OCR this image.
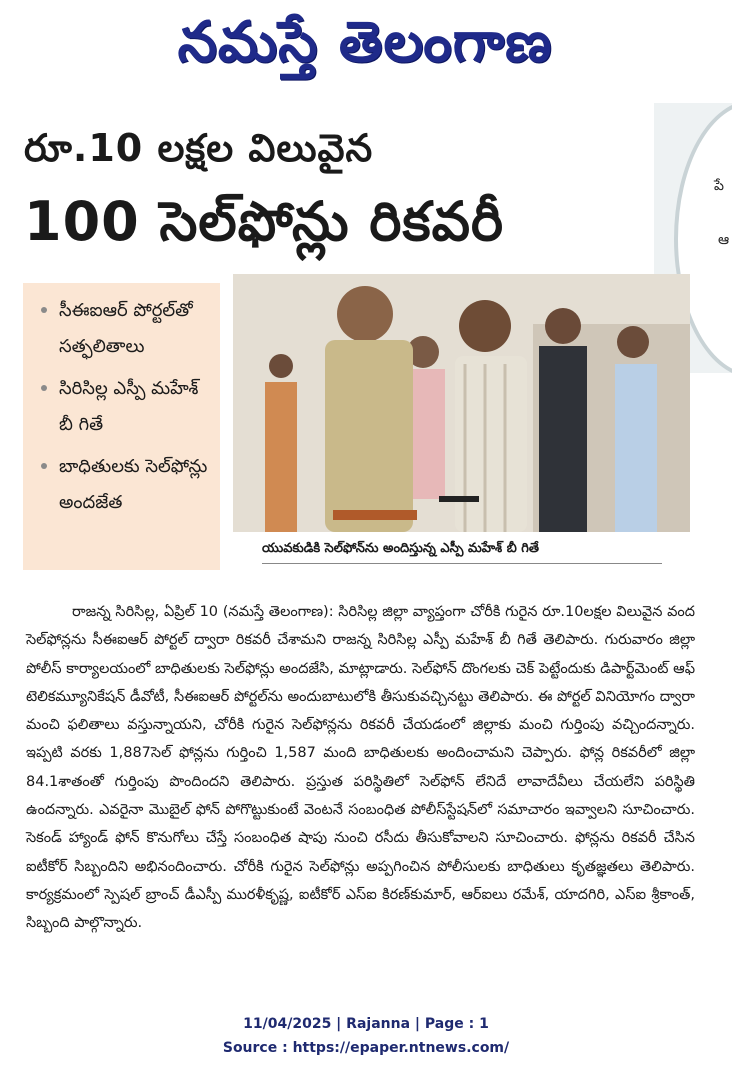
నమస్తే తెలంగాణ
పే
ఆ
రూ.10 లక్షల విలువైన
100 సెల్‌ఫోన్లు రికవరీ
సీఈఐఆర్ పోర్టల్‌తో సత్ఫలితాలు
సిరిసిల్ల ఎస్పీ మహేశ్ బీ గితే
బాధితులకు సెల్‌ఫోన్లు అందజేత
యువకుడికి సెల్‌ఫోన్‌ను అందిస్తున్న ఎస్పీ మహేశ్ బీ గితే

రాజన్న సిరిసిల్ల, ఏప్రిల్ 10 (నమస్తే తెలంగాణ): సిరిసిల్ల జిల్లా వ్యాప్తంగా చోరీకి గురైన రూ.10లక్షల విలువైన వంద సెల్‌ఫోన్లను సీఈఐఆర్ పోర్టల్ ద్వారా రికవరీ చేశామని రాజన్న సిరిసిల్ల ఎస్పీ మహేశ్ బీ గితే తెలిపారు. గురువారం జిల్లా పోలీస్ కార్యాలయంలో బాధితులకు సెల్‌ఫోన్లు అందజేసి, మాట్లాడారు. సెల్‌ఫోన్ దొంగలకు చెక్ పెట్టేందుకు డిపార్ట్‌మెంట్ ఆఫ్ టెలికమ్యూనికేషన్ డీవోటీ, సీఈఐఆర్ పోర్టల్‌ను అందుబాటులోకి తీసుకువచ్చినట్టు తెలిపారు. ఈ పోర్టల్ వినియోగం ద్వారా మంచి ఫలితాలు వస్తున్నాయని, చోరీకి గురైన సెల్‌ఫోన్లను రికవరీ చేయడంలో జిల్లాకు మంచి గుర్తింపు వచ్చిందన్నారు. ఇప్పటి వరకు 1,887సెల్ ఫోన్లను గుర్తించి 1,587 మంది బాధితులకు అందించామని చెప్పారు. ఫోన్ల రికవరీలో జిల్లా 84.1శాతంతో గుర్తింపు పొందిందని తెలిపారు. ప్రస్తుత పరిస్థితిలో సెల్‌ఫోన్ లేనిదే లావాదేవీలు చేయలేని పరిస్థితి ఉందన్నారు. ఎవరైనా మొబైల్ ఫోన్ పోగొట్టుకుంటే వెంటనే సంబంధిత పోలీస్‌స్టేషన్‌లో సమాచారం ఇవ్వాలని సూచించారు. సెకండ్ హ్యాండ్ ఫోన్ కొనుగోలు చేస్తే సంబంధిత షాపు నుంచి రసీదు తీసుకోవాలని సూచించారు. ఫోన్లను రికవరీ చేసిన ఐటీకోర్ సిబ్బందిని అభినందించారు. చోరీకి గురైన సెల్‌ఫోన్లు అప్పగించిన పోలీసులకు బాధితులు కృతజ్ఞతలు తెలిపారు. కార్యక్రమంలో స్పెషల్ బ్రాంచ్ డీఎస్పీ మురళీకృష్ణ, ఐటీకోర్ ఎస్ఐ కిరణ్‌కుమార్, ఆర్ఐలు రమేశ్, యాదగిరి, ఎస్ఐ శ్రీకాంత్, సిబ్బంది పాల్గొన్నారు.

11/04/2025 | Rajanna | Page : 1
Source : https://epaper.ntnews.com/
